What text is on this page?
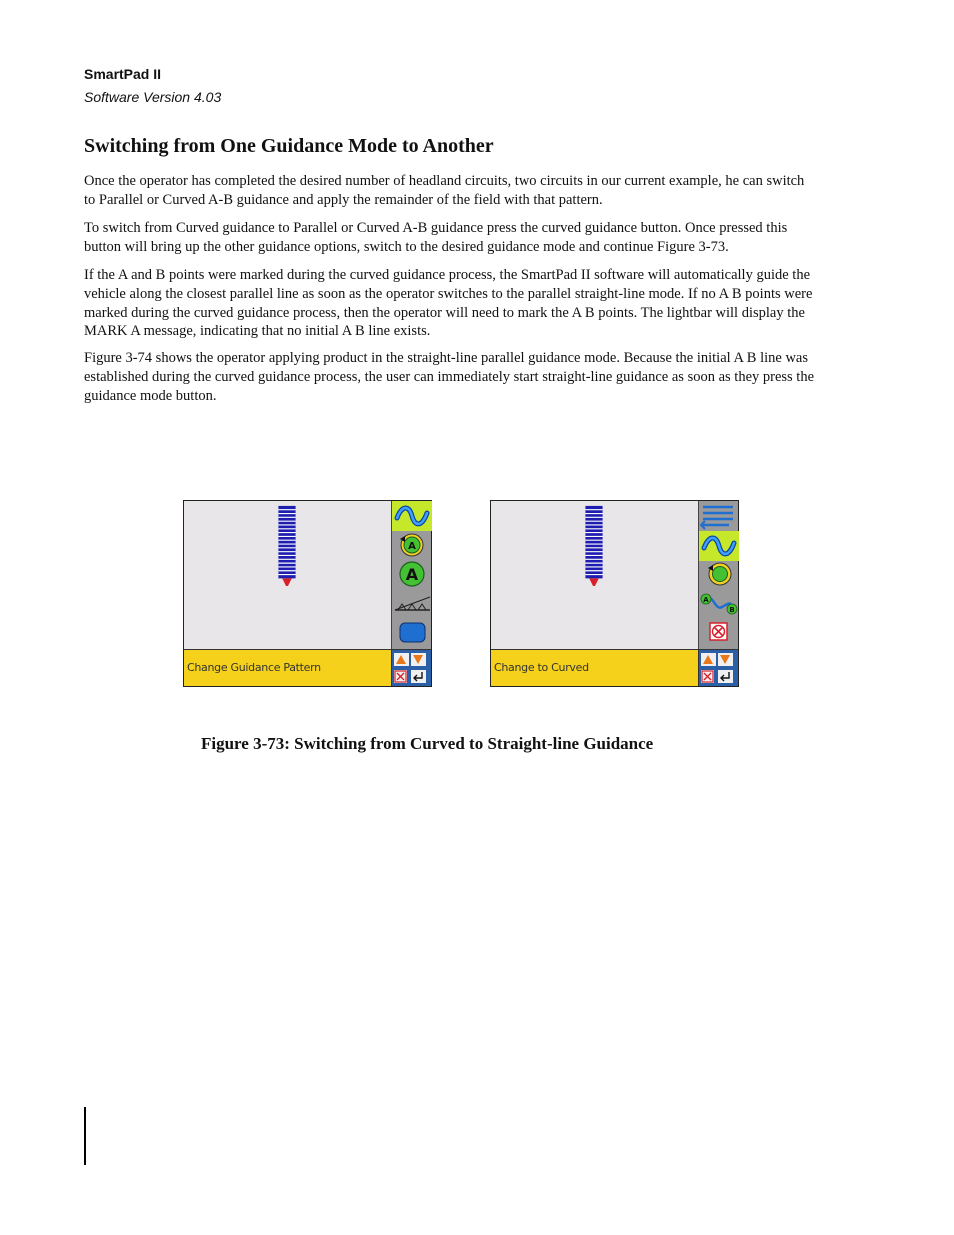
SmartPad II
Software Version 4.03
Switching from One Guidance Mode to Another

Once the operator has completed the desired number of headland circuits, two circuits in our current example, he can switch to Parallel or Curved A-B guidance and apply the remainder of the field with that pattern.

To switch from Curved guidance to Parallel or Curved A-B guidance press the curved guidance button. Once pressed this button will bring up the other guidance options, switch to the desired guidance mode and continue Figure 3-73.

If the A and B points were marked during the curved guidance process, the SmartPad II software will automatically guide the vehicle along the closest parallel line as soon as the operator switches to the parallel straight-line mode. If no A B points were marked during the curved guidance process, then the operator will need to mark the A B points. The lightbar will display the MARK A message, indicating that no initial A B line exists.

Figure 3-74 shows the operator applying product in the straight-line parallel guidance mode. Because the initial A B line was established during the curved guidance process, the user can immediately start straight-line guidance as soon as they press the guidance mode button.

A
A
Change Guidance Pattern
A
B
Change to Curved
Figure 3-73: Switching from Curved to Straight-line Guidance
